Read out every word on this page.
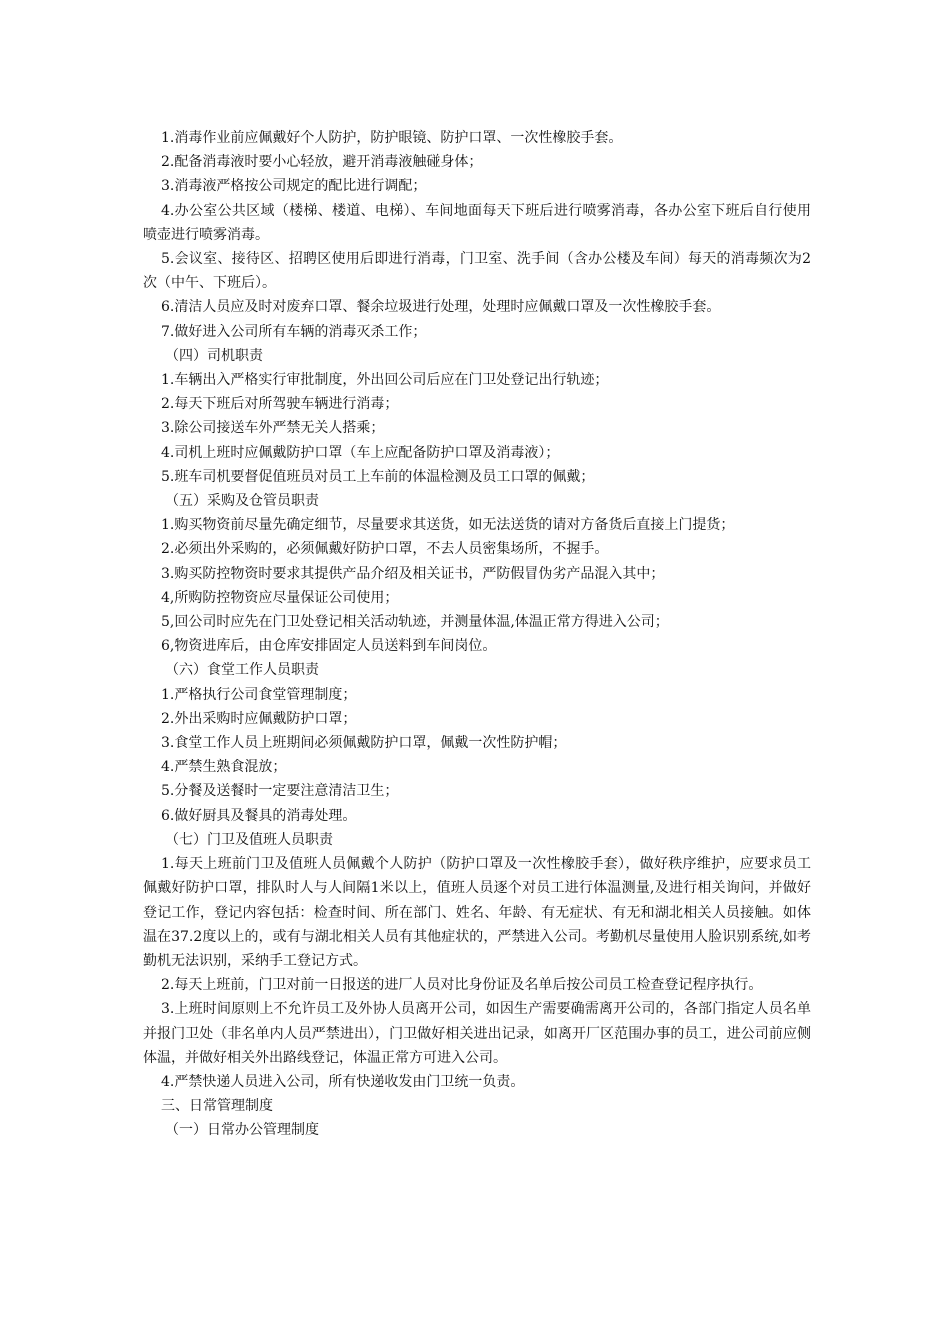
1.消毒作业前应佩戴好个人防护，防护眼镜、防护口罩、一次性橡胶手套。

2.配备消毒液时要小心轻放，避开消毒液触碰身体；

3.消毒液严格按公司规定的配比进行调配；

4.办公室公共区域（楼梯、楼道、电梯）、车间地面每天下班后进行喷雾消毒，各办公室下班后自行使用喷壶进行喷雾消毒。

5.会议室、接待区、招聘区使用后即进行消毒，门卫室、洗手间（含办公楼及车间）每天的消毒频次为2次（中午、下班后）。

6.清洁人员应及时对废弃口罩、餐余垃圾进行处理，处理时应佩戴口罩及一次性橡胶手套。

7.做好进入公司所有车辆的消毒灭杀工作；

（四）司机职责

1.车辆出入严格实行审批制度，外出回公司后应在门卫处登记出行轨迹；

2.每天下班后对所驾驶车辆进行消毒；

3.除公司接送车外严禁无关人搭乘；

4.司机上班时应佩戴防护口罩（车上应配备防护口罩及消毒液）；

5.班车司机要督促值班员对员工上车前的体温检测及员工口罩的佩戴；

（五）采购及仓管员职责

1.购买物资前尽量先确定细节，尽量要求其送货，如无法送货的请对方备货后直接上门提货；

2.必须出外采购的，必须佩戴好防护口罩，不去人员密集场所，不握手。

3.购买防控物资时要求其提供产品介绍及相关证书，严防假冒伪劣产品混入其中；

4,所购防控物资应尽量保证公司使用；

5,回公司时应先在门卫处登记相关活动轨迹，并测量体温,体温正常方得进入公司；

6,物资进库后，由仓库安排固定人员送料到车间岗位。

（六）食堂工作人员职责

1.严格执行公司食堂管理制度；

2.外出采购时应佩戴防护口罩；

3.食堂工作人员上班期间必须佩戴防护口罩，佩戴一次性防护帽；

4.严禁生熟食混放；

5.分餐及送餐时一定要注意清洁卫生；

6.做好厨具及餐具的消毒处理。

（七）门卫及值班人员职责

1.每天上班前门卫及值班人员佩戴个人防护（防护口罩及一次性橡胶手套），做好秩序维护，应要求员工佩戴好防护口罩，排队时人与人间隔1米以上，值班人员逐个对员工进行体温测量,及进行相关询问，并做好登记工作，登记内容包括：检查时间、所在部门、姓名、年龄、有无症状、有无和湖北相关人员接触。如体温在37.2度以上的，或有与湖北相关人员有其他症状的，严禁进入公司。考勤机尽量使用人脸识别系统,如考勤机无法识别，采纳手工登记方式。

2.每天上班前，门卫对前一日报送的进厂人员对比身份证及名单后按公司员工检查登记程序执行。

3.上班时间原则上不允许员工及外协人员离开公司，如因生产需要确需离开公司的，各部门指定人员名单并报门卫处（非名单内人员严禁进出），门卫做好相关进出记录，如离开厂区范围办事的员工，进公司前应侧体温，并做好相关外出路线登记，体温正常方可进入公司。

4.严禁快递人员进入公司，所有快递收发由门卫统一负责。

三、日常管理制度

（一）日常办公管理制度
